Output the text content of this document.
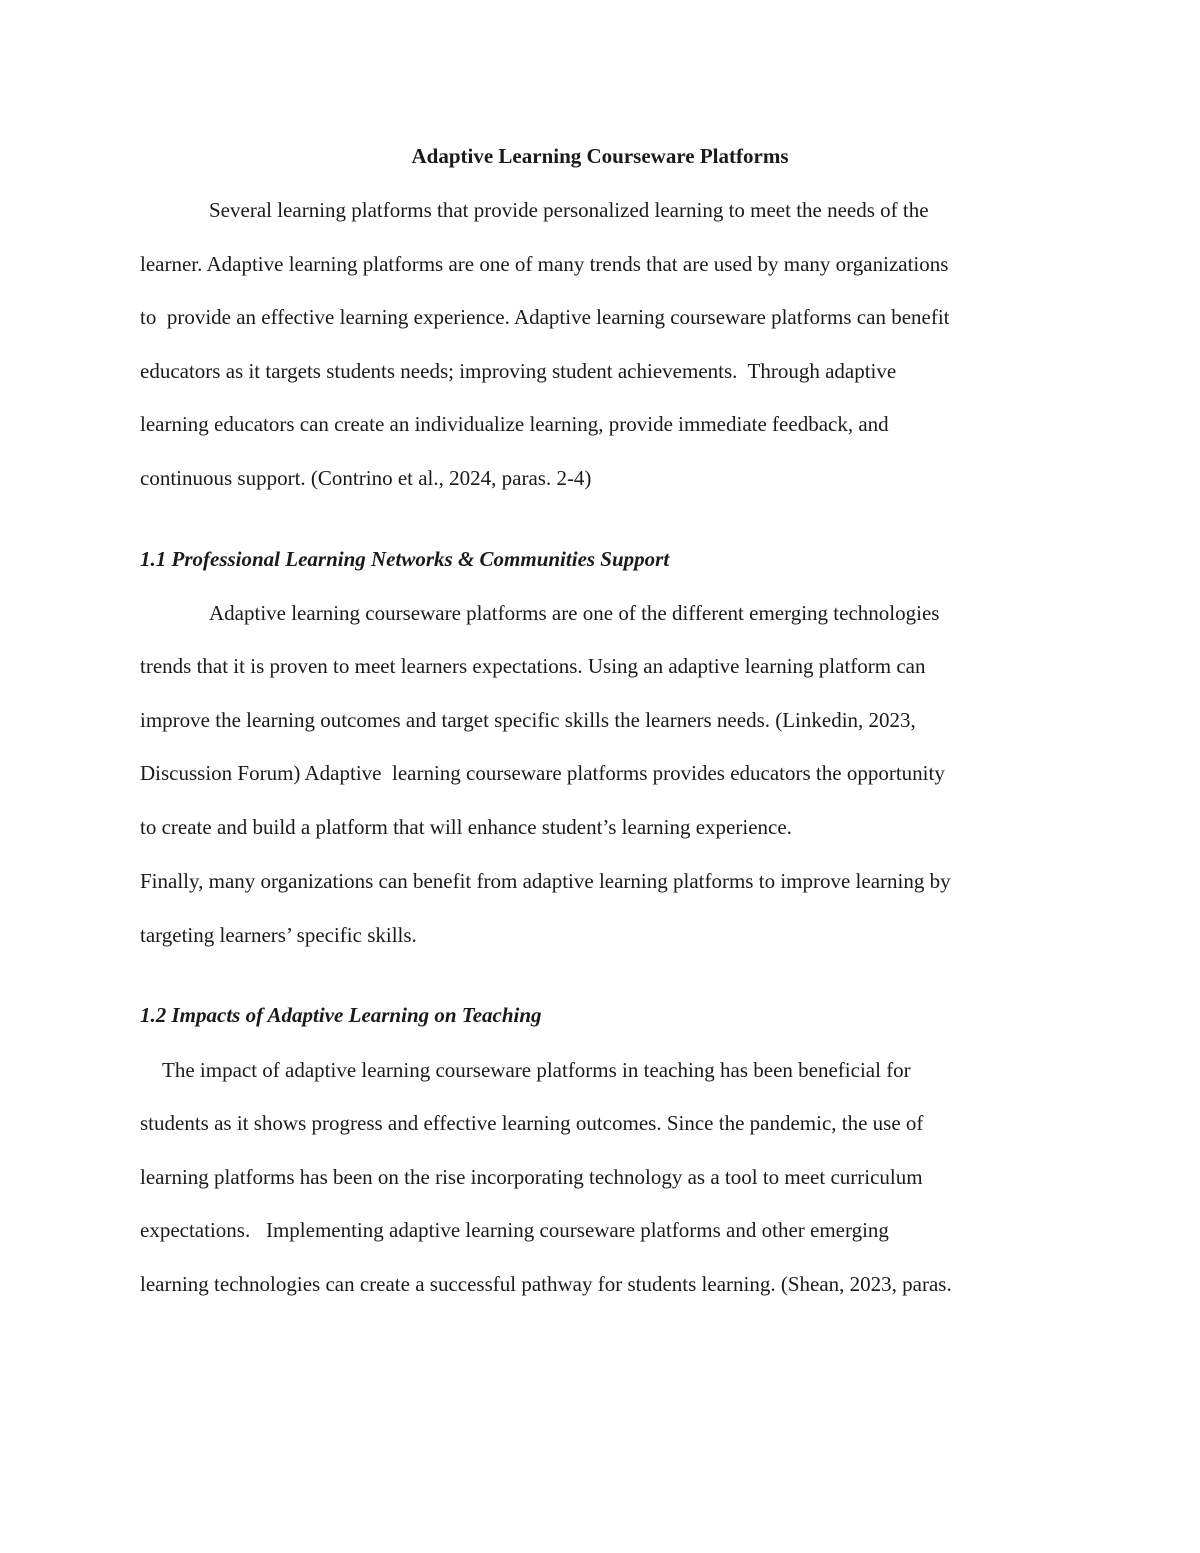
Adaptive Learning Courseware Platforms

Several learning platforms that provide personalized learning to meet the needs of the

learner. Adaptive learning platforms are one of many trends that are used by many organizations

to  provide an effective learning experience. Adaptive learning courseware platforms can benefit

educators as it targets students needs; improving student achievements.  Through adaptive

learning educators can create an individualize learning, provide immediate feedback, and

continuous support. (Contrino et al., 2024, paras. 2-4)

1.1 Professional Learning Networks & Communities Support

Adaptive learning courseware platforms are one of the different emerging technologies

trends that it is proven to meet learners expectations. Using an adaptive learning platform can

improve the learning outcomes and target specific skills the learners needs. (Linkedin, 2023,

Discussion Forum) Adaptive  learning courseware platforms provides educators the opportunity

to create and build a platform that will enhance student’s learning experience.

Finally, many organizations can benefit from adaptive learning platforms to improve learning by

targeting learners’ specific skills.

1.2 Impacts of Adaptive Learning on Teaching

The impact of adaptive learning courseware platforms in teaching has been beneficial for

students as it shows progress and effective learning outcomes. Since the pandemic, the use of

learning platforms has been on the rise incorporating technology as a tool to meet curriculum

expectations.   Implementing adaptive learning courseware platforms and other emerging

learning technologies can create a successful pathway for students learning. (Shean, 2023, paras.
